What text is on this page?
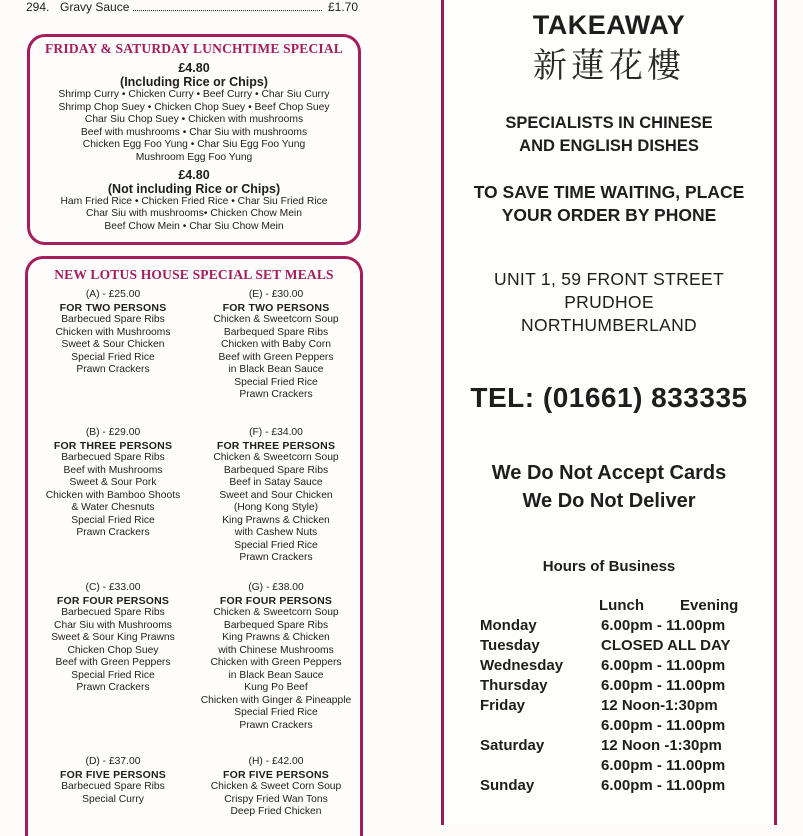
294. Gravy Sauce	£1.70
FRIDAY & SATURDAY LUNCHTIME SPECIAL
£4.80
(Including Rice or Chips)
Shrimp Curry • Chicken Curry • Beef Curry • Char Siu Curry
Shrimp Chop Suey • Chicken Chop Suey • Beef Chop Suey
Char Siu Chop Suey • Chicken with mushrooms
Beef with mushrooms • Char Siu with mushrooms
Chicken Egg Foo Yung • Char Siu Egg Foo Yung
Mushroom Egg Foo Yung
£4.80
(Not including Rice or Chips)
Ham Fried Rice • Chicken Fried Rice • Char Siu Fried Rice
Char Siu with mushrooms• Chicken Chow Mein
Beef Chow Mein • Char Siu Chow Mein
NEW LOTUS HOUSE SPECIAL SET MEALS
(A) - £25.00
FOR TWO PERSONS
Barbecued Spare Ribs
Chicken with Mushrooms
Sweet & Sour Chicken
Special Fried Rice
Prawn Crackers
(E) - £30.00
FOR TWO PERSONS
Chicken & Sweetcorn Soup
Barbequed Spare Ribs
Chicken with Baby Corn
Beef with Green Peppers
in Black Bean Sauce
Special Fried Rice
Prawn Crackers
(B) - £29.00
FOR THREE PERSONS
Barbecued Spare Ribs
Beef with Mushrooms
Sweet & Sour Pork
Chicken with Bamboo Shoots
& Water Chesnuts
Special Fried Rice
Prawn Crackers
(F) - £34.00
FOR THREE PERSONS
Chicken & Sweetcorn Soup
Barbequed Spare Ribs
Beef in Satay Sauce
Sweet and Sour Chicken
(Hong Kong Style)
King Prawns & Chicken
with Cashew Nuts
Special Fried Rice
Prawn Crackers
(C) - £33.00
FOR FOUR PERSONS
Barbecued Spare Ribs
Char Siu with Mushrooms
Sweet & Sour King Prawns
Chicken Chop Suey
Beef with Green Peppers
Special Fried Rice
Prawn Crackers
(G) - £38.00
FOR FOUR PERSONS
Chicken & Sweetcorn Soup
Barbequed Spare Ribs
King Prawns & Chicken
with Chinese Mushrooms
Chicken with Green Peppers
in Black Bean Sauce
Kung Po Beef
Chicken with Ginger & Pineapple
Special Fried Rice
Prawn Crackers
(D) - £37.00
FOR FIVE PERSONS
Barbecued Spare Ribs
Special Curry
(H) - £42.00
FOR FIVE PERSONS
Chicken & Sweet Corn Soup
Crispy Fried Wan Tons
Deep Fried Chicken
TAKEAWAY
新蓮花樓
SPECIALISTS IN CHINESE
AND ENGLISH DISHES
TO SAVE TIME WAITING, PLACE
YOUR ORDER BY PHONE
UNIT 1, 59 FRONT STREET
PRUDHOE
NORTHUMBERLAND
TEL: (01661) 833335
We Do Not Accept Cards
We Do Not Deliver
Hours of Business
Lunch Evening
Monday	6.00pm - 11.00pm
Tuesday	CLOSED ALL DAY
Wednesday	6.00pm - 11.00pm
Thursday	6.00pm - 11.00pm
Friday	12 Noon-1:30pm
6.00pm - 11.00pm
Saturday	12 Noon -1:30pm
6.00pm - 11.00pm
Sunday	6.00pm - 11.00pm
